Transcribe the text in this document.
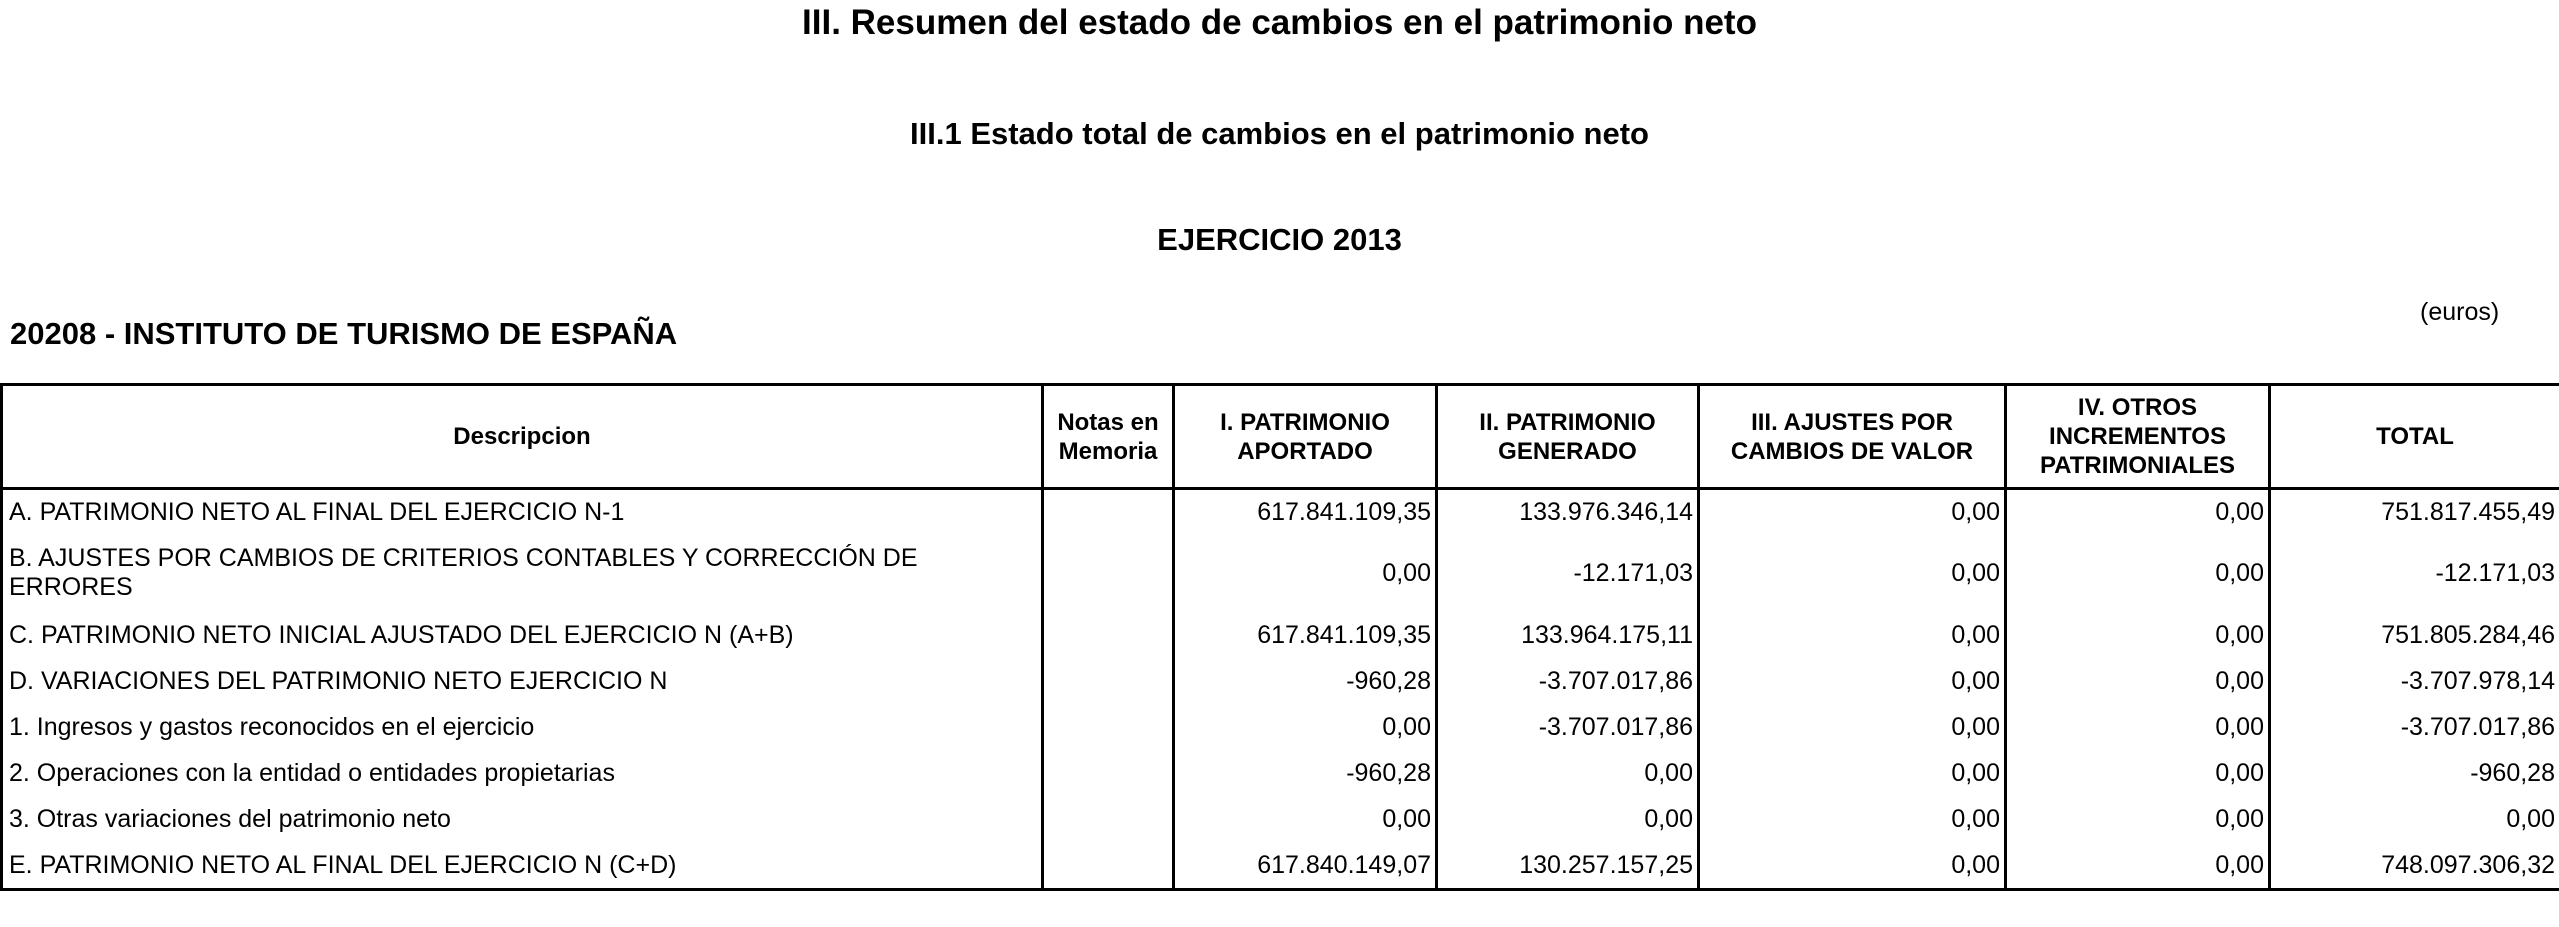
III. Resumen del estado de cambios en el patrimonio neto
III.1 Estado total de cambios en el patrimonio neto
EJERCICIO 2013
20208 - INSTITUTO DE TURISMO DE ESPAÑA

(euros)

Descripcion	Notas en Memoria	I. PATRIMONIO APORTADO	II. PATRIMONIO GENERADO	III. AJUSTES POR CAMBIOS DE VALOR	IV. OTROS INCREMENTOS PATRIMONIALES	TOTAL
A. PATRIMONIO NETO AL FINAL DEL EJERCICIO N-1		617.841.109,35	133.976.346,14	0,00	0,00	751.817.455,49
B. AJUSTES POR CAMBIOS DE CRITERIOS CONTABLES Y CORRECCIÓN DE ERRORES		0,00	-12.171,03	0,00	0,00	-12.171,03
C. PATRIMONIO NETO INICIAL AJUSTADO DEL EJERCICIO N (A+B)		617.841.109,35	133.964.175,11	0,00	0,00	751.805.284,46
D. VARIACIONES DEL PATRIMONIO NETO EJERCICIO N		-960,28	-3.707.017,86	0,00	0,00	-3.707.978,14
1. Ingresos y gastos reconocidos en el ejercicio		0,00	-3.707.017,86	0,00	0,00	-3.707.017,86
2. Operaciones con la entidad o entidades propietarias		-960,28	0,00	0,00	0,00	-960,28
3. Otras variaciones del patrimonio neto		0,00	0,00	0,00	0,00	0,00
E. PATRIMONIO NETO AL FINAL DEL EJERCICIO N (C+D)		617.840.149,07	130.257.157,25	0,00	0,00	748.097.306,32
